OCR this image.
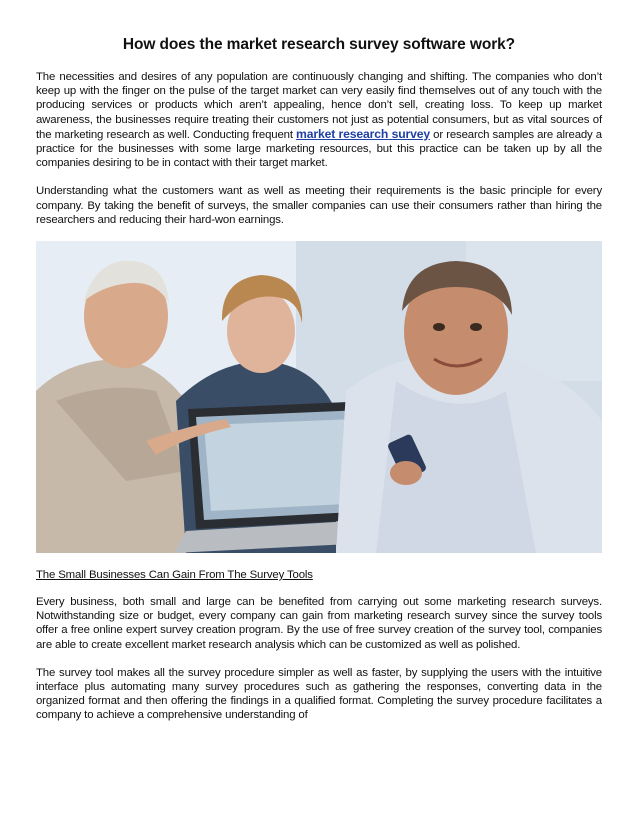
How does the market research survey software work?

The necessities and desires of any population are continuously changing and shifting. The companies who don’t keep up with the finger on the pulse of the target market can very easily find themselves out of any touch with the producing services or products which aren’t appealing, hence don’t sell, creating loss. To keep up market awareness, the businesses require treating their customers not just as potential consumers, but as vital sources of the marketing research as well. Conducting frequent market research survey or research samples are already a practice for the businesses with some large marketing resources, but this practice can be taken up by all the companies desiring to be in contact with their target market.

Understanding what the customers want as well as meeting their requirements is the basic principle for every company. By taking the benefit of surveys, the smaller companies can use their consumers rather than hiring the researchers and reducing their hard-won earnings.

The Small Businesses Can Gain From The Survey Tools

Every business, both small and large can be benefited from carrying out some marketing research surveys. Notwithstanding size or budget, every company can gain from marketing research survey since the survey tools offer a free online expert survey creation program. By the use of free survey creation of the survey tool, companies are able to create excellent market research analysis which can be customized as well as polished.

The survey tool makes all the survey procedure simpler as well as faster, by supplying the users with the intuitive interface plus automating many survey procedures such as gathering the responses, converting data in the organized format and then offering the findings in a qualified format. Completing the survey procedure facilitates a company to achieve a comprehensive understanding of
